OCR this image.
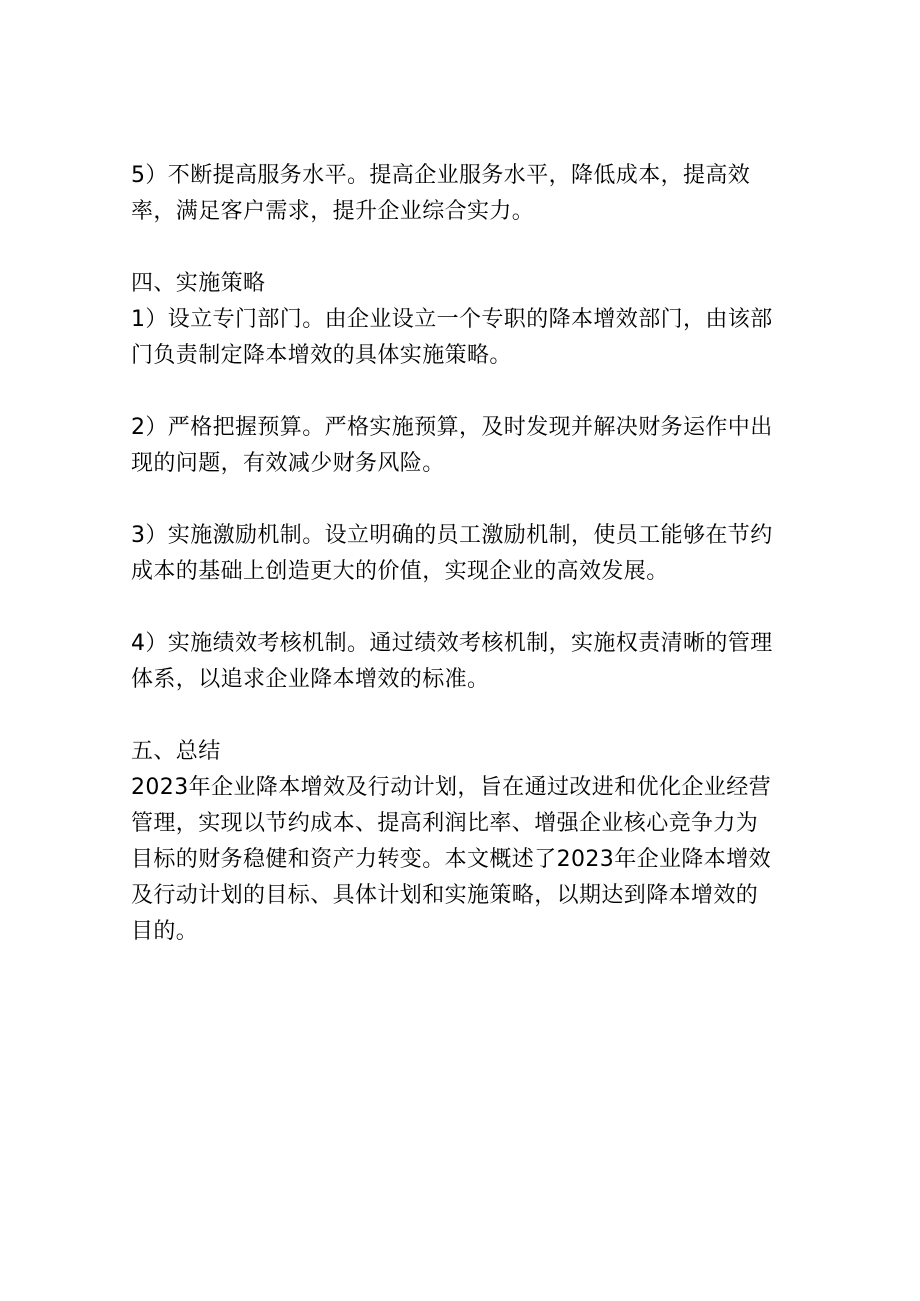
5）不断提高服务水平。提高企业服务水平，降低成本，提高效
率，满足客户需求，提升企业综合实力。

四、实施策略

1）设立专门部门。由企业设立一个专职的降本增效部门，由该部
门负责制定降本增效的具体实施策略。

2）严格把握预算。严格实施预算，及时发现并解决财务运作中出
现的问题，有效减少财务风险。

3）实施激励机制。设立明确的员工激励机制，使员工能够在节约
成本的基础上创造更大的价值，实现企业的高效发展。

4）实施绩效考核机制。通过绩效考核机制，实施权责清晰的管理
体系，以追求企业降本增效的标准。

五、总结

2023年企业降本增效及行动计划，旨在通过改进和优化企业经营
管理，实现以节约成本、提高利润比率、增强企业核心竞争力为
目标的财务稳健和资产力转变。本文概述了2023年企业降本增效
及行动计划的目标、具体计划和实施策略，以期达到降本增效的
目的。
